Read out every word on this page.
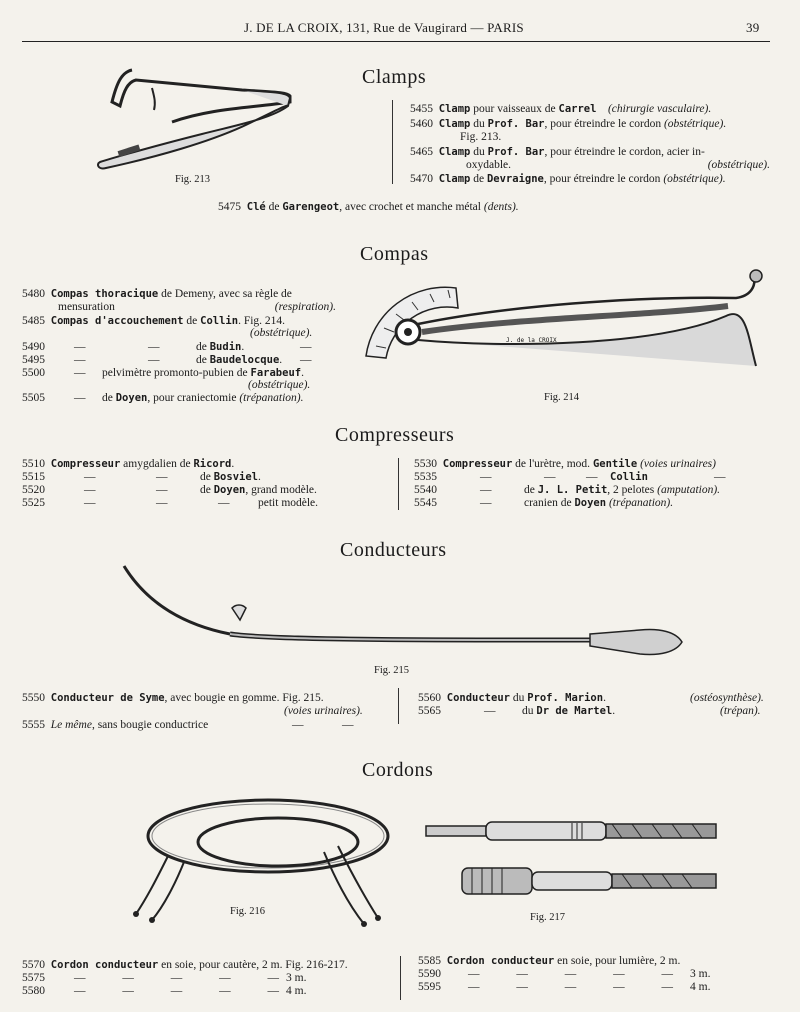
J. DE LA CROIX, 131, Rue de Vaugirard — PARIS	39
Clamps
Fig. 213
5455 Clamp pour vaisseaux de Carrel (chirurgie vasculaire).
5460 Clamp du Prof. Bar, pour étreindre le cordon (obstétrique).
Fig. 213.
5465 Clamp du Prof. Bar, pour étreindre le cordon, acier in-
oxydable.	(obstétrique).
5470 Clamp de Devraigne, pour étreindre le cordon (obstétrique).
5475 Clé de Garengeot, avec crochet et manche métal (dents).
Compas
5480 Compas thoracique de Demeny, avec sa règle de
mensuration	(respiration).
5485 Compas d'accouchement de Collin. Fig. 214.
(obstétrique).
5490	—	—	de Budin.	—
5495	—	—	de Baudelocque. —
5500	— pelvimètre promonto-pubien de Farabeuf.
(obstétrique).
5505	— de Doyen, pour craniectomie (trépanation).
J. de la CROIX
Fig. 214
Compresseurs
5510 Compresseur amygdalien de Ricord.
5515	—	—	de Bosviel.
5520	—	—	de Doyen, grand modèle.
5525	—	—	— petit modèle.
5530 Compresseur de l'urètre, mod. Gentile (voies urinaires)
5535	—	—	— Collin	—
5540	—	de J. L. Petit, 2 pelotes (amputation).
5545	—	cranien de Doyen (trépanation).
Conducteurs
Fig. 215
5550 Conducteur de Syme, avec bougie en gomme. Fig. 215.
(voies urinaires).
5555 Le même, sans bougie conductrice	—	—
5560 Conducteur du Prof. Marion.	(ostéosynthèse).
5565	— du Dr de Martel.	(trépan).
Cordons
Fig. 216
Fig. 217
5570 Cordon conducteur en soie, pour cautère, 2 m. Fig. 216-217.
5575	— — — — — 3 m.
5580	— — — — — 4 m.
5585 Cordon conducteur en soie, pour lumière, 2 m.
5590 — — — — — 3 m.
5595 — — — — — 4 m.
